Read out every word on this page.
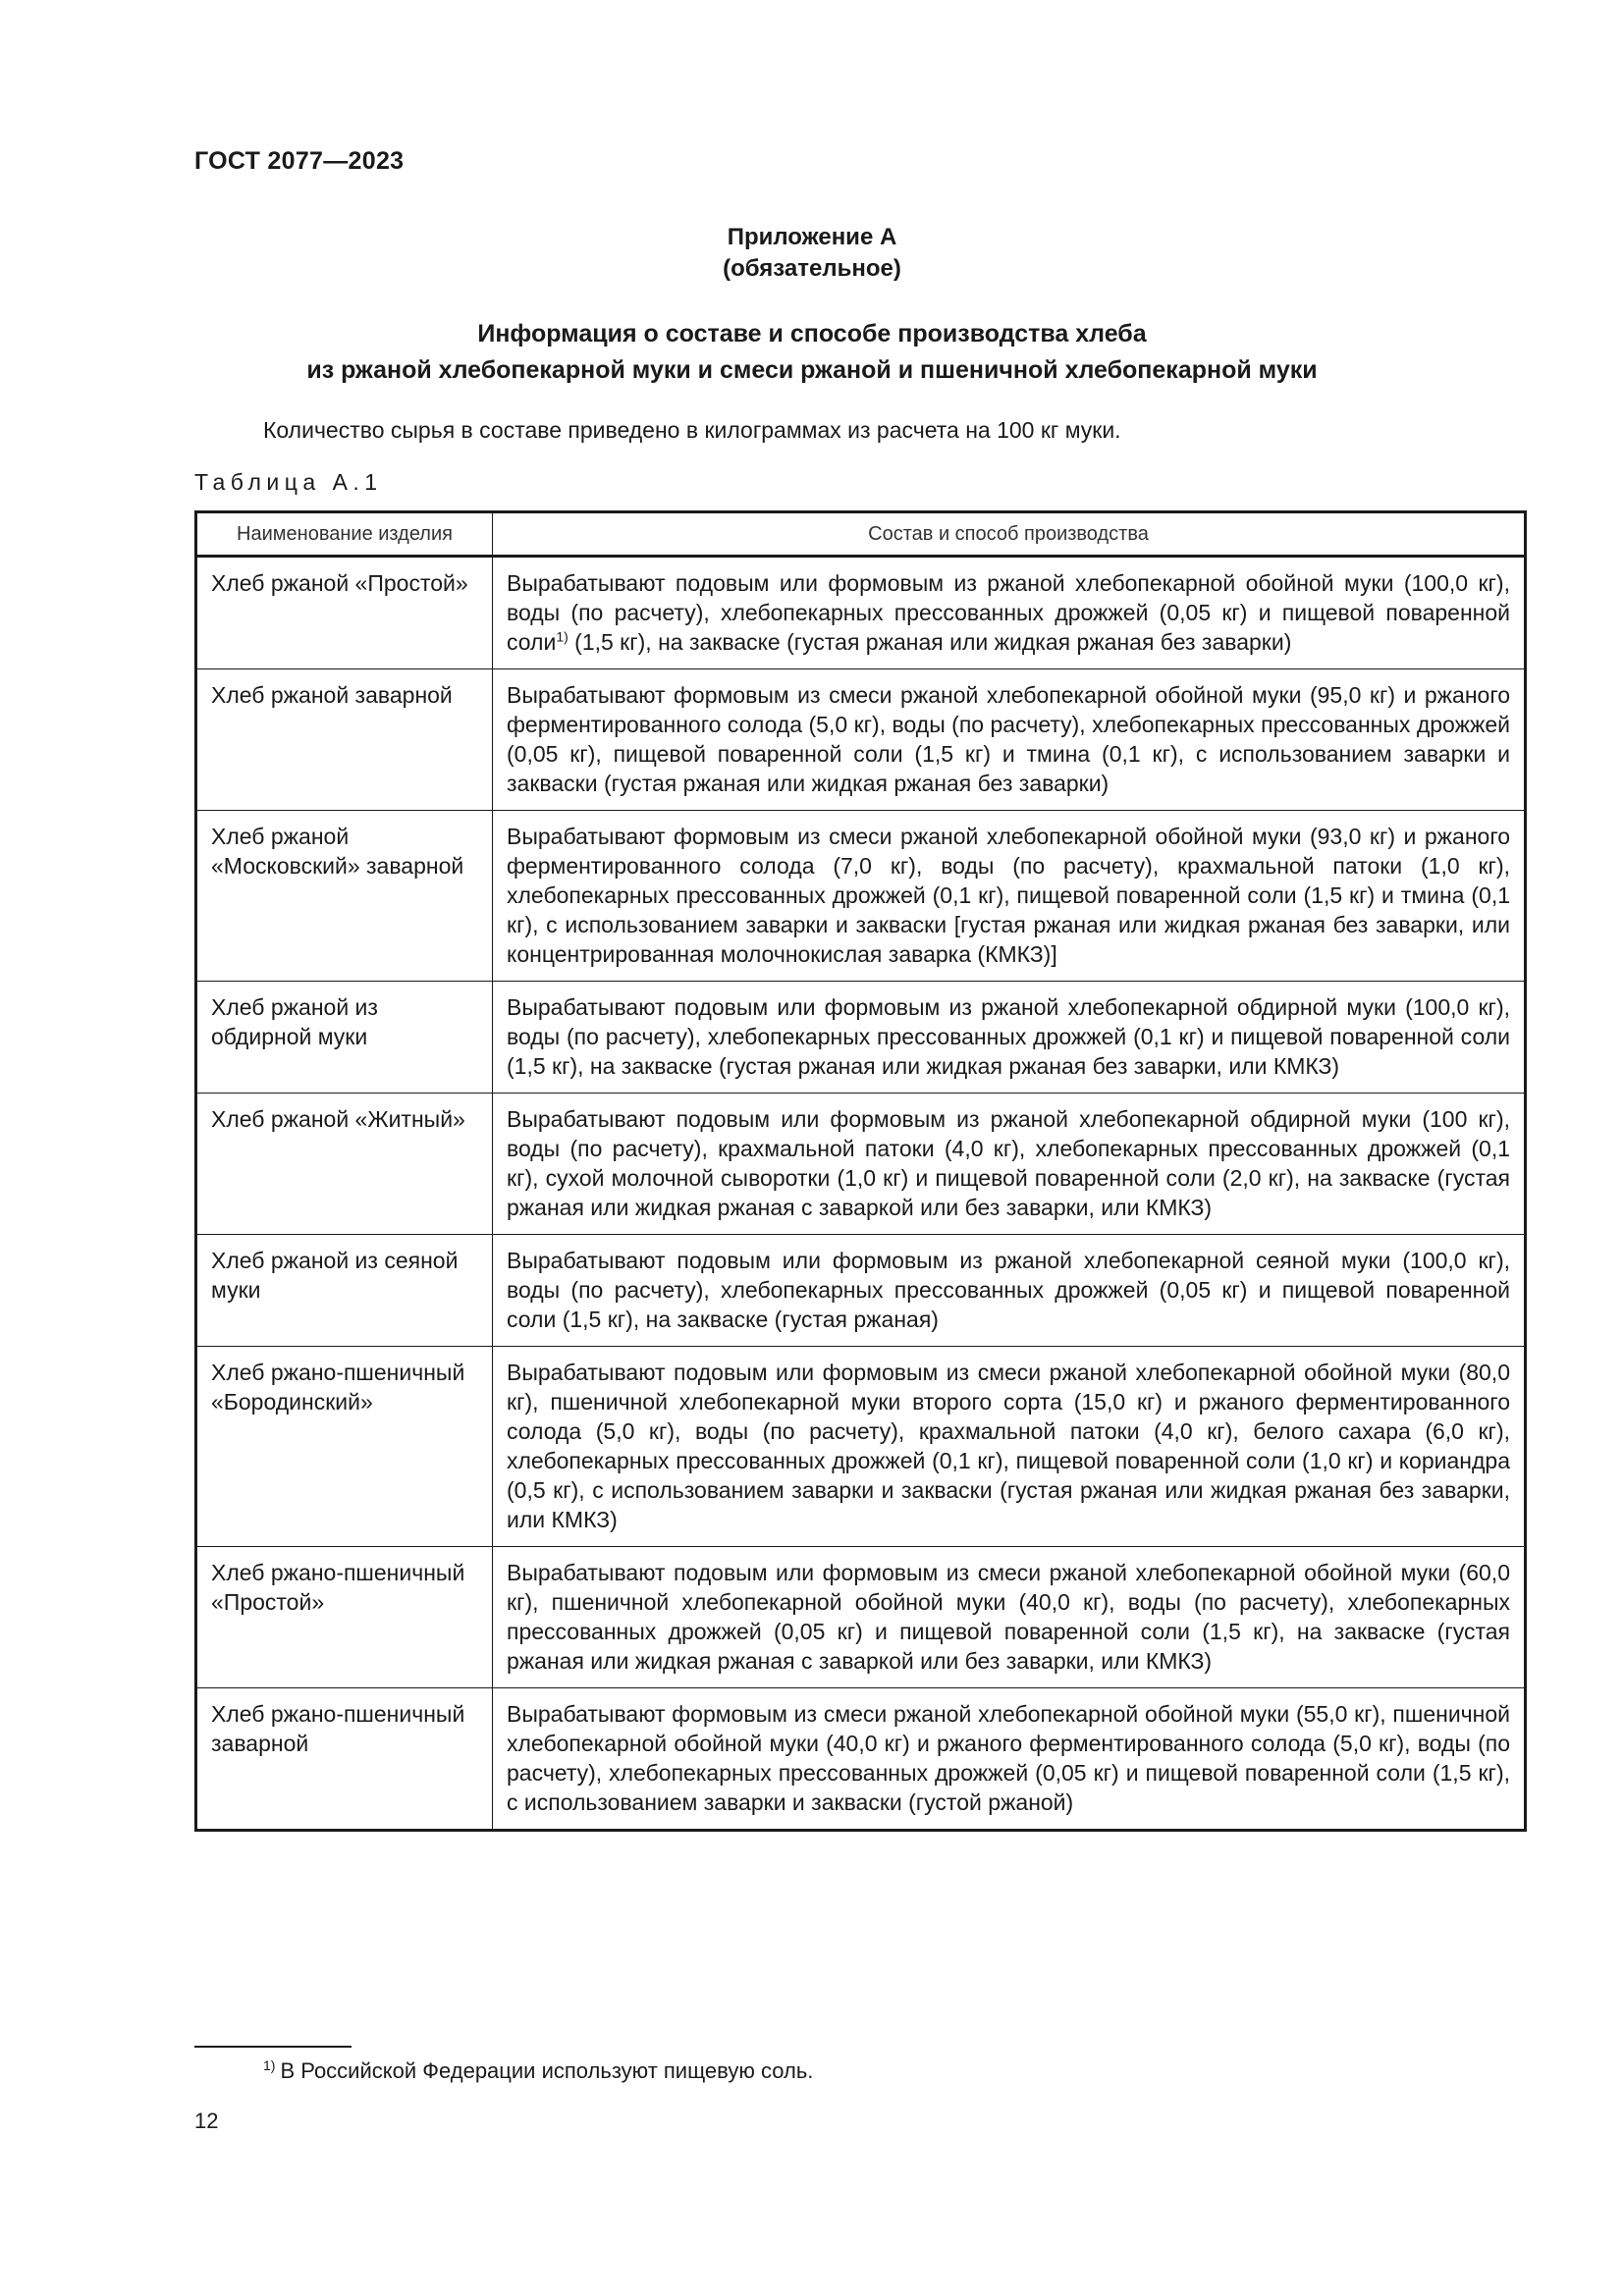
ГОСТ 2077—2023
Приложение А
(обязательное)
Информация о составе и способе производства хлеба
из ржаной хлебопекарной муки и смеси ржаной и пшеничной хлебопекарной муки
Количество сырья в составе приведено в килограммах из расчета на 100 кг муки.
Таблица А.1
Наименование изделия	Состав и способ производства
Хлеб ржаной «Простой»	Вырабатывают подовым или формовым из ржаной хлебопекарной обойной муки (100,0 кг), воды (по расчету), хлебопекарных прессованных дрожжей (0,05 кг) и пищевой поваренной соли$^{1)}$ (1,5 кг), на закваске (густая ржаная или жидкая ржаная без заварки)
Хлеб ржаной заварной	Вырабатывают формовым из смеси ржаной хлебопекарной обойной муки (95,0 кг) и ржаного ферментированного солода (5,0 кг), воды (по расчету), хлебопекарных прессованных дрожжей (0,05 кг), пищевой поваренной соли (1,5 кг) и тмина (0,1 кг), с использованием заварки и закваски (густая ржаная или жидкая ржаная без заварки)
Хлеб ржаной «Московский» заварной	Вырабатывают формовым из смеси ржаной хлебопекарной обойной муки (93,0 кг) и ржаного ферментированного солода (7,0 кг), воды (по расчету), крахмальной патоки (1,0 кг), хлебопекарных прессованных дрожжей (0,1 кг), пищевой поваренной соли (1,5 кг) и тмина (0,1 кг), с использованием заварки и закваски [густая ржаная или жидкая ржаная без заварки, или концентрированная молочнокислая заварка (КМКЗ)]
Хлеб ржаной из обдирной муки	Вырабатывают подовым или формовым из ржаной хлебопекарной обдирной муки (100,0 кг), воды (по расчету), хлебопекарных прессованных дрожжей (0,1 кг) и пищевой поваренной соли (1,5 кг), на закваске (густая ржаная или жидкая ржаная без заварки, или КМКЗ)
Хлеб ржаной «Житный»	Вырабатывают подовым или формовым из ржаной хлебопекарной обдирной муки (100 кг), воды (по расчету), крахмальной патоки (4,0 кг), хлебопекарных прессованных дрожжей (0,1 кг), сухой молочной сыворотки (1,0 кг) и пищевой поваренной соли (2,0 кг), на закваске (густая ржаная или жидкая ржаная с заваркой или без заварки, или КМКЗ)
Хлеб ржаной из сеяной муки	Вырабатывают подовым или формовым из ржаной хлебопекарной сеяной муки (100,0 кг), воды (по расчету), хлебопекарных прессованных дрожжей (0,05 кг) и пищевой поваренной соли (1,5 кг), на закваске (густая ржаная)
Хлеб ржано-пшеничный «Бородинский»	Вырабатывают подовым или формовым из смеси ржаной хлебопекарной обойной муки (80,0 кг), пшеничной хлебопекарной муки второго сорта (15,0 кг) и ржаного ферментированного солода (5,0 кг), воды (по расчету), крахмальной патоки (4,0 кг), белого сахара (6,0 кг), хлебопекарных прессованных дрожжей (0,1 кг), пищевой поваренной соли (1,0 кг) и кориандра (0,5 кг), с использованием заварки и закваски (густая ржаная или жидкая ржаная без заварки, или КМКЗ)
Хлеб ржано-пшеничный «Простой»	Вырабатывают подовым или формовым из смеси ржаной хлебопекарной обойной муки (60,0 кг), пшеничной хлебопекарной обойной муки (40,0 кг), воды (по расчету), хлебопекарных прессованных дрожжей (0,05 кг) и пищевой поваренной соли (1,5 кг), на закваске (густая ржаная или жидкая ржаная с заваркой или без заварки, или КМКЗ)
Хлеб ржано-пшеничный заварной	Вырабатывают формовым из смеси ржаной хлебопекарной обойной муки (55,0 кг), пшеничной хлебопекарной обойной муки (40,0 кг) и ржаного ферментированного солода (5,0 кг), воды (по расчету), хлебопекарных прессованных дрожжей (0,05 кг) и пищевой поваренной соли (1,5 кг), с использованием заварки и закваски (густой ржаной)
$^{1)}$ В Российской Федерации используют пищевую соль.
12
